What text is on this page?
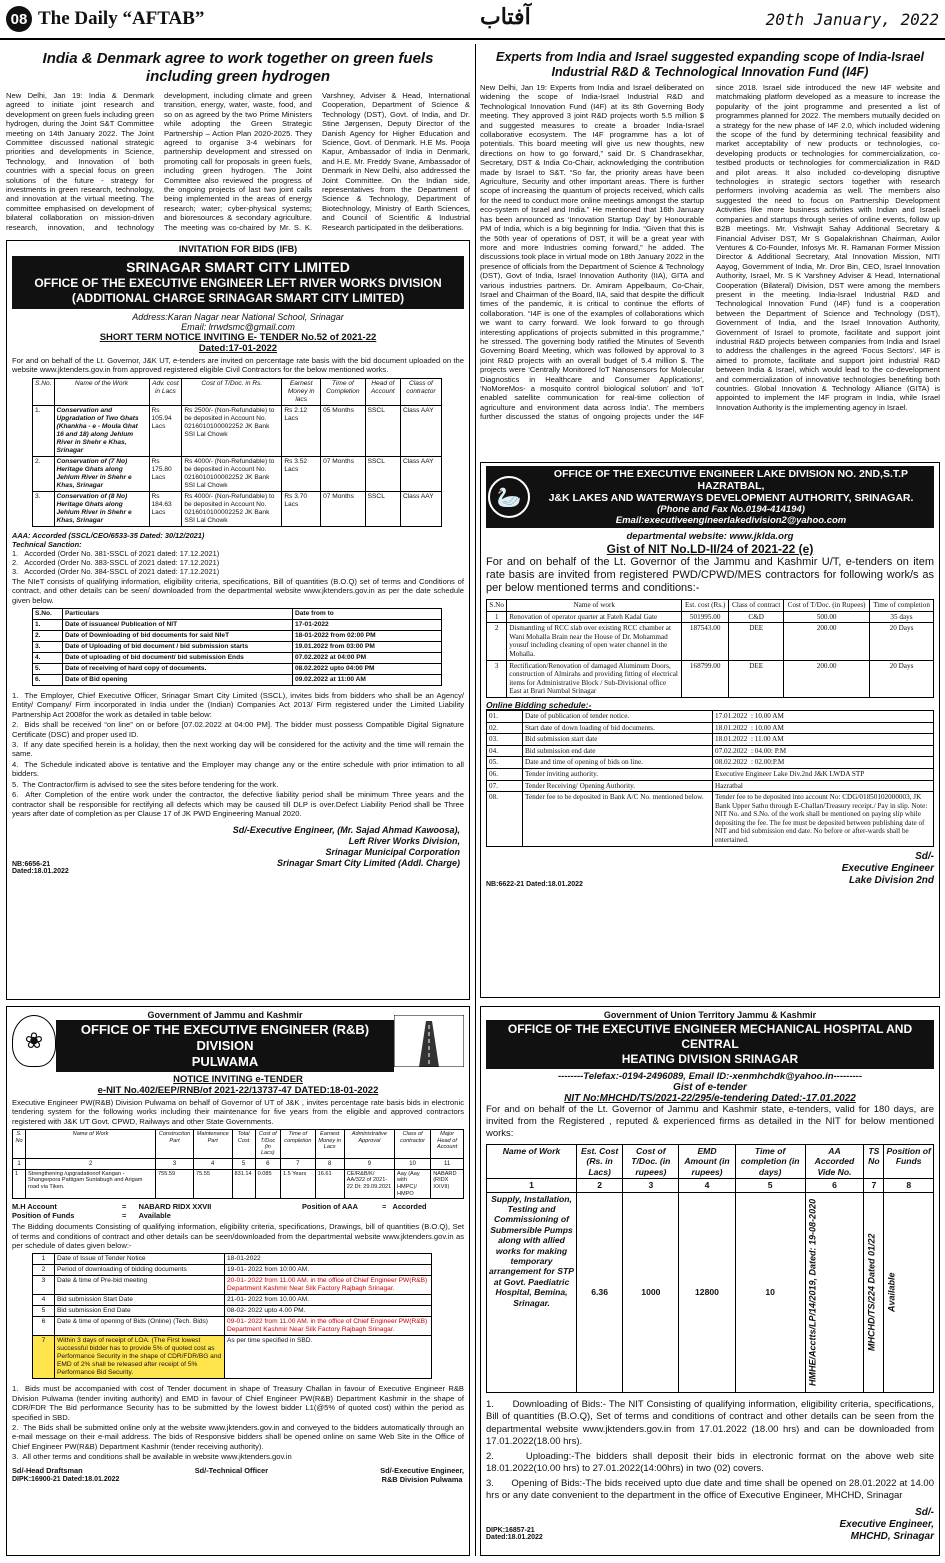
08 The Daily “AFTAB”	آفتاب	20th January, 2022
India & Denmark agree to work together on green fuels including green hydrogen
New Delhi, Jan 19: India & Denmark agreed to initiate joint research and development on green fuels including green hydrogen, during the Joint S&T Committee meeting on 14th January 2022. The Joint Committee discussed national strategic priorities and developments in Science, Technology, and Innovation of both countries with a special focus on green solutions of the future - strategy for investments in green research, technology, and innovation at the virtual meeting. The committee emphasised on development of bilateral collaboration on mission-driven research, innovation, and technology development, including climate and green transition, energy, water, waste, food, and so on as agreed by the two Prime Ministers while adopting the Green Strategic Partnership – Action Plan 2020-2025. They agreed to organise 3-4 webinars for partnership development and stressed on promoting call for proposals in green fuels, including green hydrogen. The Joint Committee also reviewed the progress of the ongoing projects of last two joint calls being implemented in the areas of energy research; water; cyber-physical systems; and bioresources & secondary agriculture. The meeting was co-chaired by Mr. S. K. Varshney, Adviser & Head, International Cooperation, Department of Science & Technology (DST), Govt. of India, and Dr. Stine Jørgensen, Deputy Director of the Danish Agency for Higher Education and Science, Govt. of Denmark. H.E Ms. Pooja Kapur, Ambassador of India in Denmark, and H.E. Mr. Freddy Svane, Ambassador of Denmark in New Delhi, also addressed the Joint Committee. On the Indian side, representatives from the Department of Science & Technology, Department of Biotechnology, Ministry of Earth Sciences, and Council of Scientific & Industrial Research participated in the deliberations.
Experts from India and Israel suggested expanding scope of India-Israel Industrial R&D & Technological Innovation Fund (I4F)
New Delhi, Jan 19: Experts from India and Israel deliberated on widening the scope of India-Israel Industrial R&D and Technological Innovation Fund (I4F) at its 8th Governing Body meeting. They approved 3 joint R&D projects worth 5.5 million $ and suggested measures to create a broader India-Israel collaborative ecosystem. The I4F programme has a lot of potentials. This board meeting will give us new thoughts, new directions on how to go forward,” said Dr. S Chandrasekhar, Secretary, DST & India Co-Chair, acknowledging the contribution made by Israel to S&T. “So far, the priority areas have been Agriculture, Security and other important areas. There is further scope of increasing the quantum of projects received, which calls for the need to conduct more online meetings amongst the startup eco-system of Israel and India.” He mentioned that 16th January has been announced as ‘Innovation Startup Day’ by Honourable PM of India, which is a big beginning for India. “Given that this is the 50th year of operations of DST, it will be a great year with more and more Industries coming forward,” he added. The discussions took place in virtual mode on 18th January 2022 in the presence of officials from the Department of Science & Technology (DST), Govt of India, Israel Innovation Authority (IIA), GITA and various industries partners. Dr. Amiram Appelbaum, Co-Chair, Israel and Chairman of the Board, IIA, said that despite the difficult times of the pandemic, it is critical to continue the efforts of collaboration. “I4F is one of the examples of collaborations which we want to carry forward. We look forward to go through interesting applications of projects submitted in this programme,” he stressed. The governing body ratified the Minutes of Seventh Governing Board Meeting, which was followed by approval to 3 joint R&D projects with an overall budget of 5.4 million $. The projects were ‘Centrally Monitored IoT Nanosensors for Molecular Diagnostics in Healthcare and Consumer Applications’, ‘NoMoreMos- a mosquito control biological solution’ and ‘IoT enabled satellite communication for real-time collection of agriculture and environment data across India’. The members further discussed the status of ongoing projects under the I4F since 2018. Israel side introduced the new I4F website and matchmaking platform developed as a measure to increase the popularity of the joint programme and presented a list of programmes planned for 2022. The members mutually decided on a strategy for the new phase of I4F 2.0, which included widening the scope of the fund by determining technical feasibility and market acceptability of new products or technologies, co-developing products or technologies for commercialization, co-testbed products or technologies for commercialization in R&D and pilot areas. It also included co-developing disruptive technologies in strategic sectors together with research performers involving academia as well. The members also suggested the need to focus on Partnership Development Activities like more business activities with Indian and Israeli companies and startups through series of online events, follow up B2B meetings. Mr. Vishwajit Sahay Additional Secretary & Financial Adviser DST, Mr S Gopalakrishnan Chairman, Axilor Ventures & Co-Founder, Infosys Mr. R. Ramanan Former Mission Director & Additional Secretary, Atal Innovation Mission, NITI Aayog, Government of India, Mr. Dror Bin, CEO, Israel Innovation Authority, Israel, Mr. S K Varshney Adviser & Head, International Cooperation (Bilateral) Division, DST were among the members present in the meeting. India-Israel Industrial R&D and Technological Innovation Fund (I4F) fund is a cooperation between the Department of Science and Technology (DST), Government of India, and the Israel Innovation Authority, Government of Israel to promote, facilitate and support joint industrial R&D projects between companies from India and Israel to address the challenges in the agreed ‘Focus Sectors’. I4F is aimed to promote, facilitate and support joint industrial R&D between India & Israel, which would lead to the co-development and commercialization of innovative technologies benefiting both countries. Global Innovation & Technology Alliance (GITA) is appointed to implement the I4F program in India, while Israel Innovation Authority is the implementing agency in Israel.
INVITATION FOR BIDS (IFB)
SRINAGAR SMART CITY LIMITED
OFFICE OF THE EXECUTIVE ENGINEER LEFT RIVER WORKS DIVISION
(ADDITIONAL CHARGE SRINAGAR SMART CITY LIMITED)
Address:Karan Nagar near National School, Srinagar
Email: lrrwdsmc@gmail.com
SHORT TERM NOTICE INVITING E- TENDER No.52 of 2021-22
Dated:17-01-2022
For and on behalf of the Lt. Governor, J&K UT, e-tenders are invited on percentage rate basis with the bid document uploaded on the website www.jktenders.gov.in from approved registered eligible Civil Contractors for the below mentioned works.
S.No.	Name of the Work	Adv. cost in Lacs	Cost of T/Doc. in Rs.	Earnest Money in lacs	Time of Completion	Head of Account	Class of contractor
1.	Conservation and Upgradation of Two Ghats (Khankha - e - Moula Ghat 16 and 18) along Jehlum River in Shehr e Khas, Srinagar	Rs 105.94 Lacs	Rs 2500/- (Non-Refundable) to be deposited in Account No. 0216010100002252 JK Bank SSI Lal Chowk	Rs 2.12 Lacs	05 Months	SSCL	Class AAY
2.	Conservation of (7 No) Heritage Ghats along Jehlum River in Shehr e Khas, Srinagar	Rs 175.80 Lacs	Rs 4000/- (Non-Refundable) to be deposited in Account No. 0216010100002252 JK Bank SSI Lal Chowk	Rs 3.52 Lacs	07 Months	SSCL	Class AAY
3.	Conservation of (8 No) Heritage Ghats along Jehlum River in Shehr e Khas, Srinagar	Rs 184.63 Lacs	Rs 4000/- (Non-Refundable) to be deposited in Account No. 0216010100002252 JK Bank SSI Lal Chowk	Rs 3.70 Lacs	07 Months	SSCL	Class AAY
AAA: Accorded (SSCL/CEO/6533-35 Dated: 30/12/2021)
Technical Sanction:
1.   Accorded (Order No. 381-SSCL of 2021 dated: 17.12.2021)
2.   Accorded (Order No. 383-SSCL of 2021 dated: 17.12.2021)
3.   Accorded (Order No. 384-SSCL of 2021 dated: 17.12.2021)
The NIeT consists of qualifying information, eligibility criteria, specifications, Bill of quantities (B.O.Q) set of terms and Conditions of contract, and other details can be seen/ downloaded from the departmental website www.jktenders.gov.in as per the date schedule given below.
S.No.	Particulars	Date from to
1.	Date of issuance/ Publication of NIT	17-01-2022
2.	Date of Downloading of bid documents for said NIeT	18-01-2022 from 02:00 PM
3.	Date of Uploading of bid document / bid submission starts	19.01.2022 from 03:00 PM
4.	Date of uploading of bid document/ bid submission Ends	07.02.2022 at 04:00 PM
5.	Date of receiving of hard copy of documents.	08.02.2022 upto 04:00 PM
6.	Date of Bid opening	09.02.2022 at 11:00 AM

1.  The Employer, Chief Executive Officer, Srinagar Smart City Limited (SSCL), invites bids from bidders who shall be an Agency/ Entity/ Company/ Firm incorporated in India under the (Indian) Companies Act 2013/ Firm registered under the Limited Liability Partnership Act 2008for the work as detailed in table below:

2.  Bids shall be received “on line” on or before [07.02.2022 at 04:00 PM]. The bidder must possess Compatible Digital Signature Certificate (DSC) and proper used ID.

3.  If any date specified herein is a holiday, then the next working day will be considered for the activity and the time will remain the same.

4.  The Schedule indicated above is tentative and the Employer may change any or the entire schedule with prior intimation to all bidders.

5.  The Contractor/firm is advised to see the sites before tendering for the work.

6.  After Completion of the entire work under the contractor, the defective liability period shall be minimum Three years and the contractor shall be responsible for rectifying all defects which may be caused till DLP is over.Defect Liability Period shall be Three years after date of completion as per Clause 17 of JK PWD Engineering Manual 2020.

Sd/-Executive Engineer, (Mr. Sajad Ahmad Kawoosa),
Left River Works Division,
Srinagar Municipal Corporation
Srinagar Smart City Limited (Addl. Charge)
NB:6656-21
Dated:18.01.2022
🦢
OFFICE OF THE EXECUTIVE ENGINEER LAKE DIVISION NO. 2ND,S.T.P HAZRATBAL,
J&K LAKES AND WATERWAYS DEVELOPMENT AUTHORITY, SRINAGAR.
(Phone and Fax No.0194-414194)
Email:executiveengineerlakedivision2@yahoo.com
departmental website: www.jklda.org
Gist of NIT No.LD-II/24 of 2021-22 (e)
For and on behalf of the Lt. Governor of the Jammu and Kashmir U/T, e-tenders on item rate basis are invited from registered PWD/CPWD/MES contractors for following work/s as per below mentioned terms and conditions:-
S.No	Name of work	Est. cost (Rs.)	Class of contract	Cost of T/Doc. (in Rupees)	Time of completion
1	Renovation of operator quarter at Fateh Kadal Gate	501995.00	C&D	500.00	35 days
2	Dismantling of RCC slab over existing RCC chamber at Wani Mohalla Brain near the House of Dr. Mohammad yousuf including cleaning of open water channel in the Mohalla.	187543.00	DEE	200.00	20 Days
3	Rectification/Renovation of damaged Aluminum Doors, construction of Almirahs and providing fitting of electrical items for Administrative Block / Sub-Divisional office East at Brari Numbal Srinagar	168799.00	DEE	200.00	20 Days
Online Bidding schedule:-
01.	Date of publication of tender notice.	17.01.2022  : 10.00 AM
02.	Start date of down loading of bid documents.	18.01.2022  : 10.00 AM
03.	Bid submission start date	18.01.2022  : 11.00 AM
04.	Bid submission end date	07.02.2022  : 04.00: P.M
05.	Date and time of opening of bids on line.	08.02.2022  : 02.00:P.M
06.	Tender inviting authority.	Executive Engineer Lake Div.2nd J&K LWDA STP
07.	Tender Receiving/ Opening Authority.	Hazratbal
08.	Tender fee to be deposited in Bank A/C No. mentioned below.	Tender fee to be deposited into account No: CDG/01850102000003, JK Bank Upper Sathu through E-Challan/Treasury receipt./ Pay in slip. Note: NIT No. and S.No. of the work shall be mentioned on paying slip while depositing the fee. The fee must be deposited between publishing date of NIT and bid submission end date. No before or after-wards shall be entertained.
Sd/-
Executive Engineer
Lake Division 2nd
NB:6622-21 Dated:18.01.2022
❀
Government of Jammu and Kashmir
OFFICE OF THE EXECUTIVE ENGINEER (R&B) DIVISION
PULWAMA
NOTICE INVITING e-TENDER
e-NIT No.402/EEP/RNB/of 2021-22/13737-47 DATED:18-01-2022
Executive Engineer PW(R&B) Division Pulwama on behalf of Governor of UT of J&K , invites percentage rate basis bids in electronic tendering system for the following works including their maintenance for five years from the eligible and approved contractors registered with J&K UT Govt. CPWD, Railways and other State Governments.
S. No	Name of Work	Construction Part	Maintenance Part	Total Cost	Cost of T/Doc (in Lacs)	Time of completion	Earnest Money in Lacs	Administrative Approval	Class of contractor	Major Head of Account
1	2	3	4	5	6	7	8	9	10	11
1	Strengthening /upgradationof Kangan -Shangerpora Pattigam Suntabugh and Arigam road via Tiken.	755.59	75.55	831.14	0.085	1.5 Years	16.61	CE/R&B/K/ AA/322 of 2021-22 Dt: 29.09.2021	Aay (Aay with HMPC)/ HMPO	NABARD (RIDX XXVII)
M.H Account	=      NABARD RIDX XXVII	Position of AAA	=   Accorded
Position of Funds	=      Available
The Bidding documents Consisting of qualifying information, eligibility criteria, specifications, Drawings, bill of quantities (B.O.Q), Set of terms and conditions of contract and other details can be seen/downloaded from the departmental website www.jktenders.gov.in as per schedule of dates given below:-
1	Date of Issue of Tender Notice	18-01-2022
2	Period of downloading of bidding documents	19-01- 2022 from 10:00 AM.
3	Date & time of Pre-bid meeting	20-01- 2022 from 11.00 AM. in the office of Chief Engineer PW(R&B) Department Kashmir Near Silk Factory Rajbagh Srinagar.
4	Bid submission Start Date	21-01- 2022 from 10.00 AM.
5	Bid submission End Date	08-02- 2022 upto 4.00 PM.
6	Date & time of opening of Bids (Online) (Tech. Bids)	09-01- 2022 from 11.00 AM. in the office of Chief Engineer PW(R&B) Department Kashmir Near Silk Factory Rajbagh Srinagar.
7	Within 3 days of receipt of LOA. (The First lowest successful bidder has to provide 5% of quoted cost as Performance Security in the shape of CDR/FDR/BG and EMD of 2% shall be released after receipt of 5% Performance Bid Security.	As per time specified in SBD.

1.  Bids must be accompanied with cost of Tender document in shape of Treasury Challan in favour of Executive Engineer R&B Division Pulwama (tender inviting authority) and EMD in favour of Chief Engineer PW(R&B) Department Kashmir in the shape of CDR/FDR The Bid performance Security has to be submitted by the lowest bidder L1(@5% of quoted cost) within the period as specified in SBD.

2.  The Bids shall be submitted online only at the website www.jktenders.gov.in and conveyed to the bidders automatically through an e-mail message on their e-mail address. The bids of Responsive bidders shall be opened online on same Web Site in the Office of Chief Engineer PW(R&B) Department Kashmir (tender receiving authority).

3.  All other terms and conditions shall be available in website www.jktenders.gov.in

Sd/-Head Draftsman	Sd/-Technical Officer	Sd/-Executive Engineer,
R&B Division Pulwama
DIPK:16900-21 Dated:18.01.2022
Government of Union Territory Jammu & Kashmir
OFFICE OF THE EXECUTIVE ENGINEER MECHANICAL HOSPITAL AND CENTRAL
HEATING DIVISION SRINAGAR
--------Telefax:-0194-2496089, Email ID:-xenmhchdk@yahoo.in---------
Gist of e-tender
NIT No:MHCHD/TS/2021-22/295/e-tendering Dated:-17.01.2022
For and on behalf of the Lt. Governor of Jammu and Kashmir state, e-tenders, valid for 180 days, are invited from the Registered , reputed & experienced firms as detailed in the NIT for below mentioned works:
Name of Work	Est. Cost (Rs. in Lacs)	Cost of T/Doc. (in rupees)	EMD Amount (in rupees)	Time of completion (in days)	AA Accorded Vide No.	TS No	Position of Funds
1	2	3	4	5	6	7	8
Supply, Installation, Testing and Commissioning of Submersible Pumps along with allied works for making temporary arrangement for STP at Govt. Paediatric Hospital, Bemina, Srinagar.	6.36	1000	12800	10	HMHE/Acctts/LP/14/2019, Dated: 19-08-2020	MHCHD/TS/224 Dated 01/22	Available
1.      Downloading of Bids:- The NIT Consisting of qualifying information, eligibility criteria, specifications, Bill of quantities (B.O.Q), Set of terms and conditions of contract and other details can be seen from the departmental website www.jktenders.gov.in from 17.01.2022 (18.00 hrs) and can be downloaded from 17.01.2022(18.00 hrs).
2.      Uploading:-The bidders shall deposit their bids in electronic format on the above web site 18.01.2022(10.00 hrs) to 27.01.2022(14:00hrs) in two (02) covers.
3.      Opening of Bids:-The bids received upto due date and time shall be opened on 28.01.2022 at 14.00 hrs or any date convenient to the department in the office of Executive Engineer, MHCHD, Srinagar
Sd/-
Executive Engineer,
MHCHD, Srinagar
DIPK:16857-21
Dated:18.01.2022
